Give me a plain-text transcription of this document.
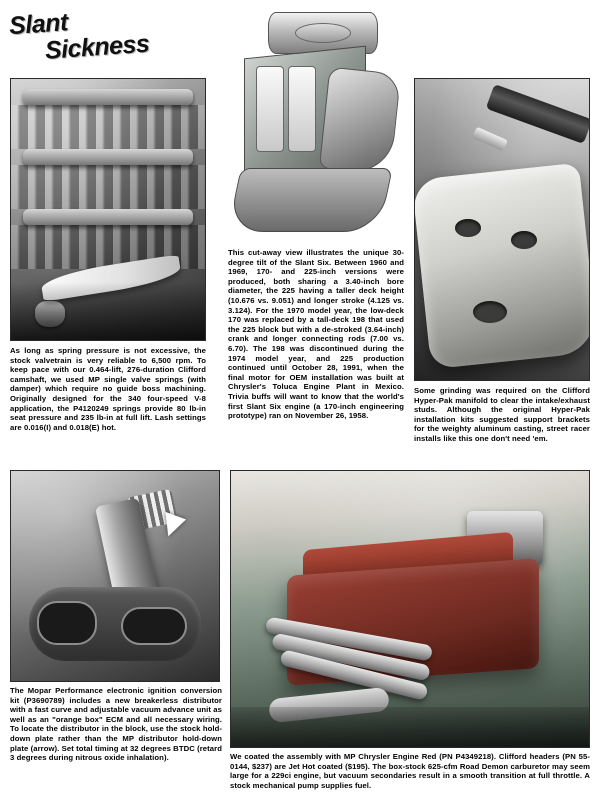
Slant
Sickness
As long as spring pressure is not excessive, the stock valvetrain is very reliable to 6,500 rpm. To keep pace with our 0.464-lift, 276-duration Clifford camshaft, we used MP single valve springs (with damper) which require no guide boss machining. Originally designed for the 340 four-speed V-8 application, the P4120249 springs provide 80 lb-in seat pressure and 235 lb-in at full lift. Lash settings are 0.016(I) and 0.018(E) hot.
This cut-away view illustrates the unique 30-degree tilt of the Slant Six. Between 1960 and 1969, 170- and 225-inch versions were produced, both sharing a 3.40-inch bore diameter, the 225 having a taller deck height (10.676 vs. 9.051) and longer stroke (4.125 vs. 3.124). For the 1970 model year, the low-deck 170 was replaced by a tall-deck 198 that used the 225 block but with a de-stroked (3.64-inch) crank and longer connecting rods (7.00 vs. 6.70). The 198 was discontinued during the 1974 model year, and 225 production continued until October 28, 1991, when the final motor for OEM installation was built at Chrysler's Toluca Engine Plant in Mexico. Trivia buffs will want to know that the world's first Slant Six engine (a 170-inch engineering prototype) ran on November 26, 1958.
Some grinding was required on the Clifford Hyper-Pak manifold to clear the intake/exhaust studs. Although the original Hyper-Pak installation kits suggested support brackets for the weighty aluminum casting, street racer installs like this one don't need 'em.
The Mopar Performance electronic ignition conversion kit (P3690789) includes a new breakerless distributor with a fast curve and adjustable vacuum advance unit as well as an "orange box" ECM and all necessary wiring. To locate the distributor in the block, use the stock hold-down plate rather than the MP distributor hold-down plate (arrow). Set total timing at 32 degrees BTDC (retard 3 degrees during nitrous oxide inhalation).	We coated the assembly with MP Chrysler Engine Red (PN P4349218). Clifford headers (PN 55-0144, $237) are Jet Hot coated ($195). The box-stock 625-cfm Road Demon carburetor may seem large for a 229ci engine, but vacuum secondaries result in a smooth transition at full throttle. A stock mechanical pump supplies fuel.
